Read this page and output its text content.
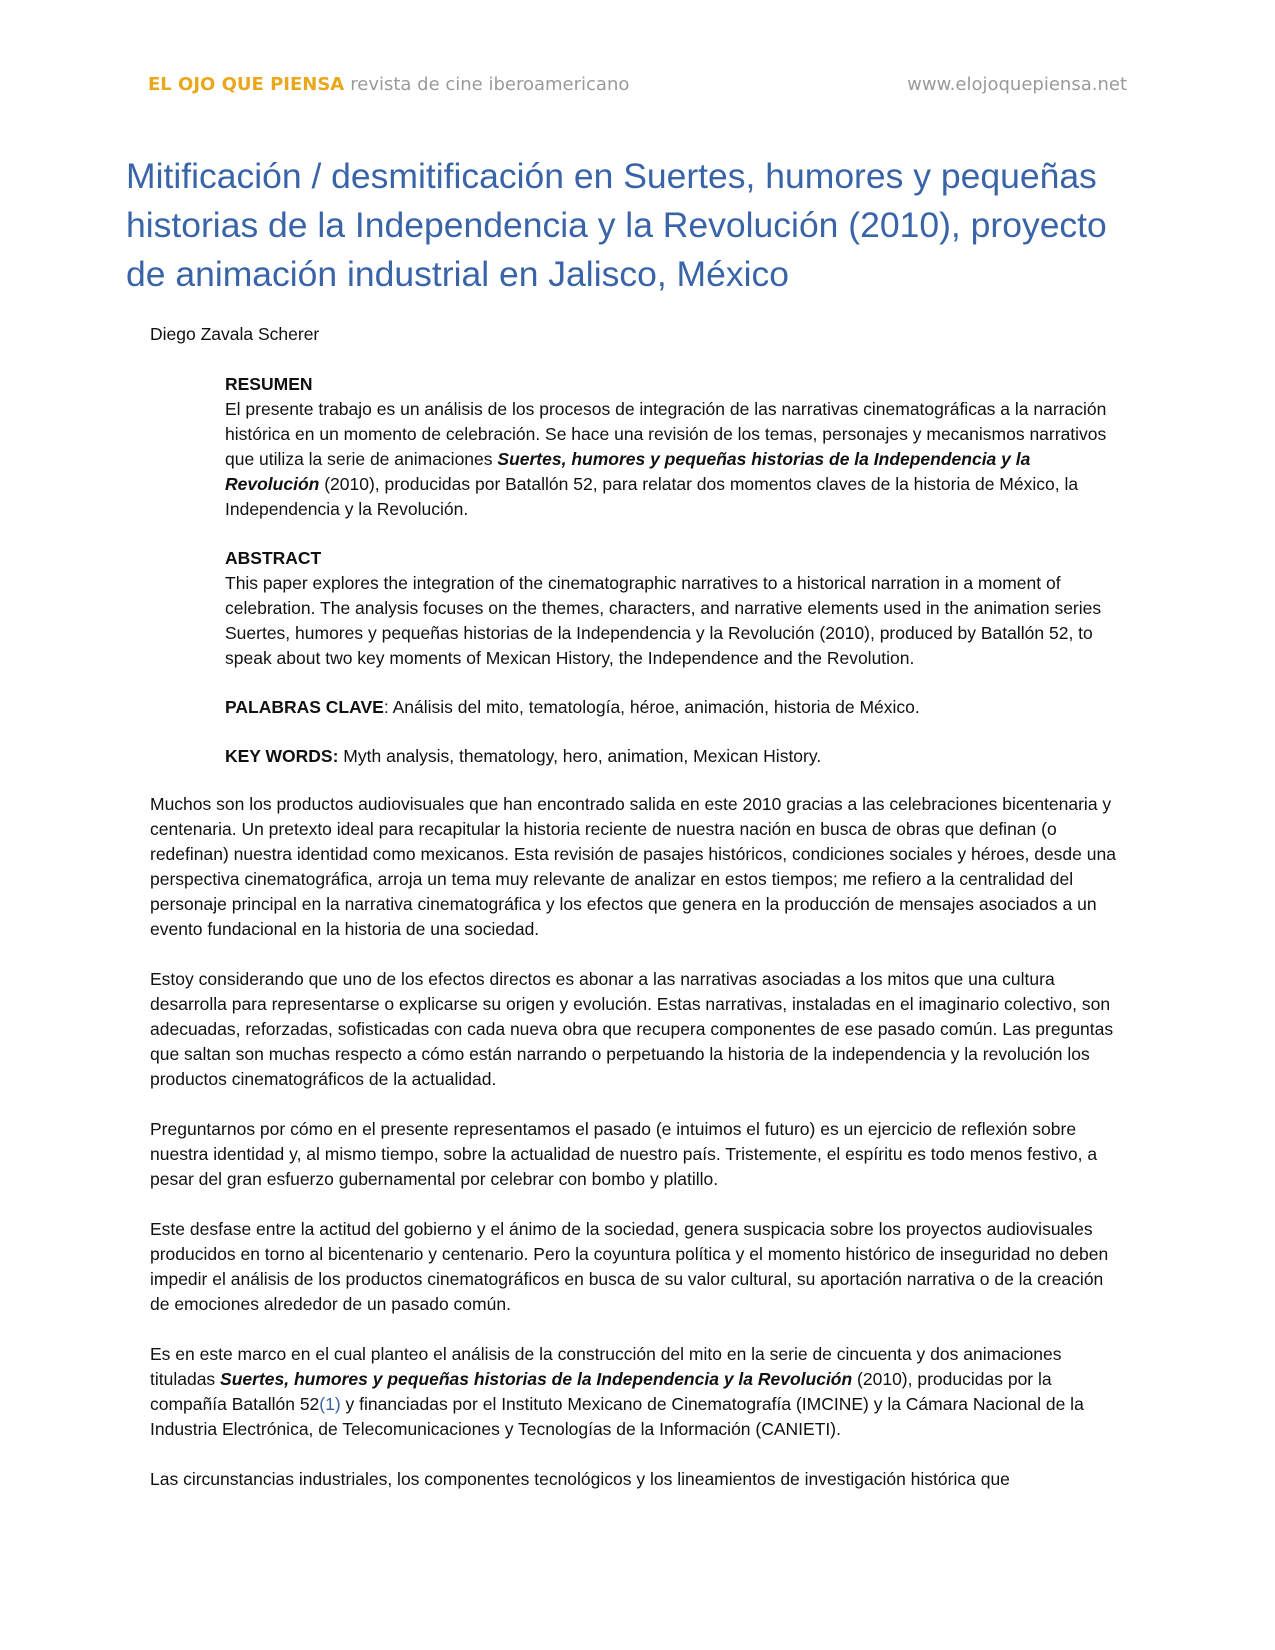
EL OJO QUE PIENSA revista de cine iberoamericano	www.elojoquepiensa.net
Mitificación / desmitificación en Suertes, humores y pequeñas historias de la Independencia y la Revolución (2010), proyecto de animación industrial en Jalisco, México
Diego Zavala Scherer

RESUMEN
El presente trabajo es un análisis de los procesos de integración de las narrativas cinematográficas a la narración histórica en un momento de celebración. Se hace una revisión de los temas, personajes y mecanismos narrativos que utiliza la serie de animaciones Suertes, humores y pequeñas historias de la Independencia y la Revolución (2010), producidas por Batallón 52, para relatar dos momentos claves de la historia de México, la Independencia y la Revolución.

ABSTRACT
This paper explores the integration of the cinematographic narratives to a historical narration in a moment of celebration. The analysis focuses on the themes, characters, and narrative elements used in the animation series Suertes, humores y pequeñas historias de la Independencia y la Revolución (2010), produced by Batallón 52, to speak about two key moments of Mexican History, the Independence and the Revolution.

PALABRAS CLAVE: Análisis del mito, tematología, héroe, animación, historia de México.

KEY WORDS: Myth analysis, thematology, hero, animation, Mexican History.

Muchos son los productos audiovisuales que han encontrado salida en este 2010 gracias a las celebraciones bicentenaria y centenaria. Un pretexto ideal para recapitular la historia reciente de nuestra nación en busca de obras que definan (o redefinan) nuestra identidad como mexicanos. Esta revisión de pasajes históricos, condiciones sociales y héroes, desde una perspectiva cinematográfica, arroja un tema muy relevante de analizar en estos tiempos; me refiero a la centralidad del personaje principal en la narrativa cinematográfica y los efectos que genera en la producción de mensajes asociados a un evento fundacional en la historia de una sociedad.

Estoy considerando que uno de los efectos directos es abonar a las narrativas asociadas a los mitos que una cultura desarrolla para representarse o explicarse su origen y evolución. Estas narrativas, instaladas en el imaginario colectivo, son adecuadas, reforzadas, sofisticadas con cada nueva obra que recupera componentes de ese pasado común. Las preguntas que saltan son muchas respecto a cómo están narrando o perpetuando la historia de la independencia y la revolución los productos cinematográficos de la actualidad.

Preguntarnos por cómo en el presente representamos el pasado (e intuimos el futuro) es un ejercicio de reflexión sobre nuestra identidad y, al mismo tiempo, sobre la actualidad de nuestro país. Tristemente, el espíritu es todo menos festivo, a pesar del gran esfuerzo gubernamental por celebrar con bombo y platillo.

Este desfase entre la actitud del gobierno y el ánimo de la sociedad, genera suspicacia sobre los proyectos audiovisuales producidos en torno al bicentenario y centenario. Pero la coyuntura política y el momento histórico de inseguridad no deben impedir el análisis de los productos cinematográficos en busca de su valor cultural, su aportación narrativa o de la creación de emociones alrededor de un pasado común.

Es en este marco en el cual planteo el análisis de la construcción del mito en la serie de cincuenta y dos animaciones tituladas Suertes, humores y pequeñas historias de la Independencia y la Revolución (2010), producidas por la compañía Batallón 52(1) y financiadas por el Instituto Mexicano de Cinematografía (IMCINE) y la Cámara Nacional de la Industria Electrónica, de Telecomunicaciones y Tecnologías de la Información (CANIETI).

Las circunstancias industriales, los componentes tecnológicos y los lineamientos de investigación histórica que
